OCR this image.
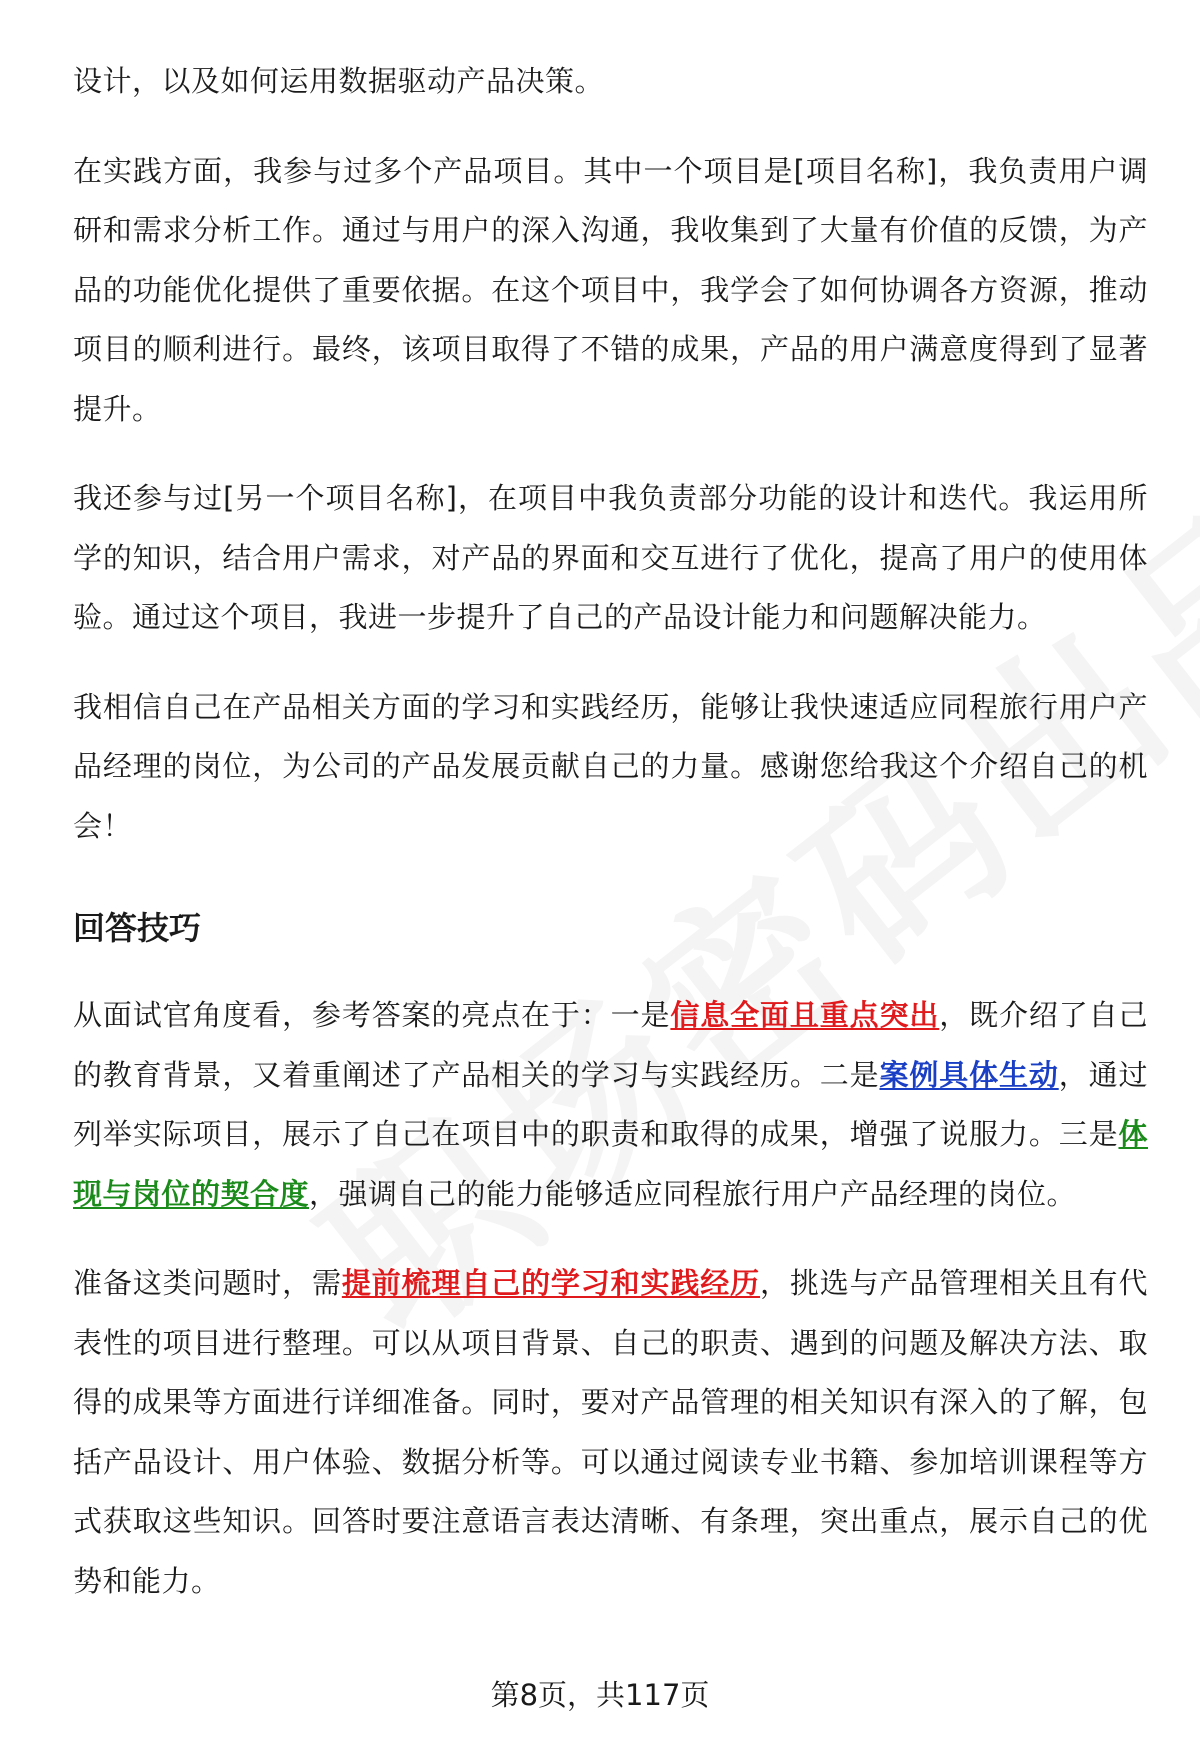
设计，以及如何运用数据驱动产品决策。

在实践方面，我参与过多个产品项目。其中一个项目是[项目名称]，我负责用户调研和需求分析工作。通过与用户的深入沟通，我收集到了大量有价值的反馈，为产品的功能优化提供了重要依据。在这个项目中，我学会了如何协调各方资源，推动项目的顺利进行。最终，该项目取得了不错的成果，产品的用户满意度得到了显著提升。

我还参与过[另一个项目名称]，在项目中我负责部分功能的设计和迭代。我运用所学的知识，结合用户需求，对产品的界面和交互进行了优化，提高了用户的使用体验。通过这个项目，我进一步提升了自己的产品设计能力和问题解决能力。

我相信自己在产品相关方面的学习和实践经历，能够让我快速适应同程旅行用户产品经理的岗位，为公司的产品发展贡献自己的力量。感谢您给我这个介绍自己的机会！

回答技巧

从面试官角度看，参考答案的亮点在于：一是信息全面且重点突出，既介绍了自己的教育背景，又着重阐述了产品相关的学习与实践经历。二是案例具体生动，通过列举实际项目，展示了自己在项目中的职责和取得的成果，增强了说服力。三是体现与岗位的契合度，强调自己的能力能够适应同程旅行用户产品经理的岗位。

准备这类问题时，需提前梳理自己的学习和实践经历，挑选与产品管理相关且有代表性的项目进行整理。可以从项目背景、自己的职责、遇到的问题及解决方法、取得的成果等方面进行详细准备。同时，要对产品管理的相关知识有深入的了解，包括产品设计、用户体验、数据分析等。可以通过阅读专业书籍、参加培训课程等方式获取这些知识。回答时要注意语言表达清晰、有条理，突出重点，展示自己的优势和能力。

第8页，共117页
